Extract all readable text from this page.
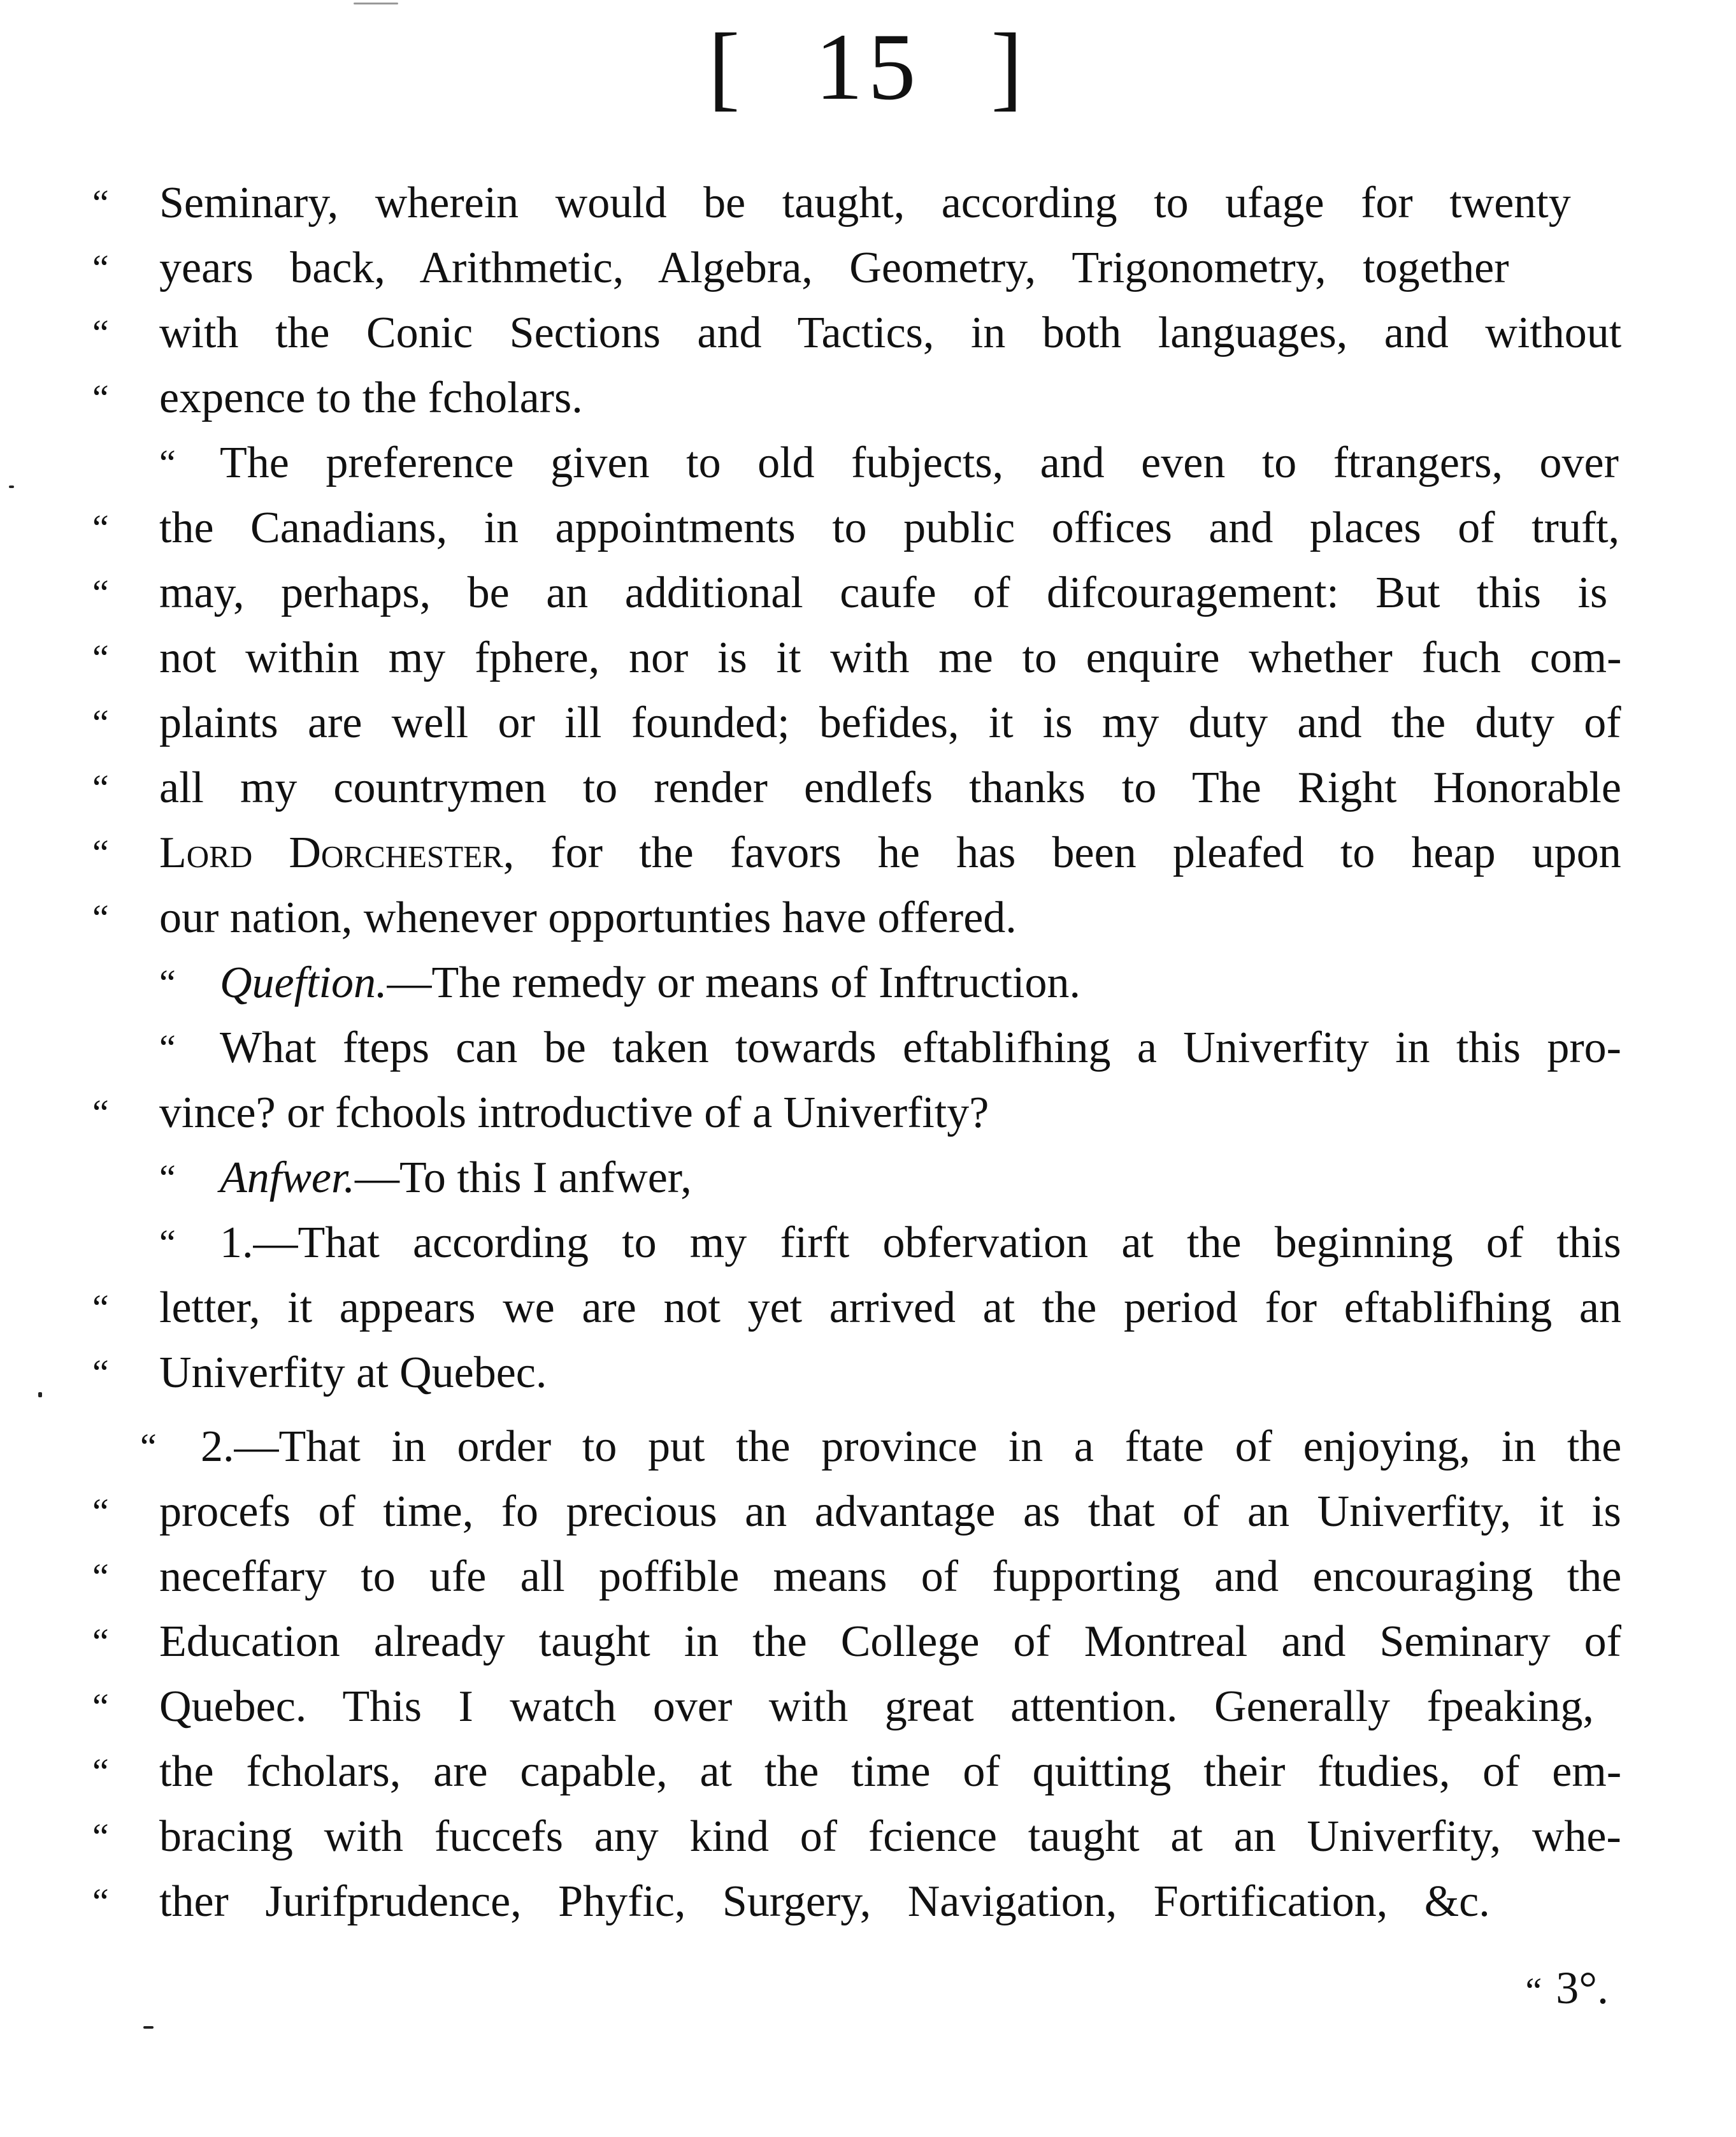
[ 15 ]
“ Seminary, wherein would be taught, according to ufage for twenty
“ years back, Arithmetic, Algebra, Geometry, Trigonometry, together
“ with the Conic Sections and Tactics, in both languages, and without
“ expence to the fcholars.
“ The preference given to old fubjects, and even to ftrangers, over
“ the Canadians, in appointments to public offices and places of truft,
“ may, perhaps, be an additional caufe of difcouragement: But this is
“ not within my fphere, nor is it with me to enquire whether fuch com-
“ plaints are well or ill founded; befides, it is my duty and the duty of
“ all my countrymen to render endlefs thanks to The Right Honorable
“ Lord Dorchester, for the favors he has been pleafed to heap upon
“ our nation, whenever opportunties have offered.
“ Queftion.—The remedy or means of Inftruction.
“ What fteps can be taken towards eftablifhing a Univerfity in this pro-
“ vince? or fchools introductive of a Univerfity?
“ Anfwer.—To this I anfwer,
“ 1.—That according to my firft obfervation at the beginning of this
“ letter, it appears we are not yet arrived at the period for eftablifhing an
“ Univerfity at Quebec.
“ 2.—That in order to put the province in a ftate of enjoying, in the
“ procefs of time, fo precious an advantage as that of an Univerfity, it is
“ neceffary to ufe all poffible means of fupporting and encouraging the
“ Education already taught in the College of Montreal and Seminary of
“ Quebec. This I watch over with great attention. Generally fpeaking,
“ the fcholars, are capable, at the time of quitting their ftudies, of em-
“ bracing with fuccefs any kind of fcience taught at an Univerfity, whe-
“ ther Jurifprudence, Phyfic, Surgery, Navigation, Fortification, &c.
“ 3°.
